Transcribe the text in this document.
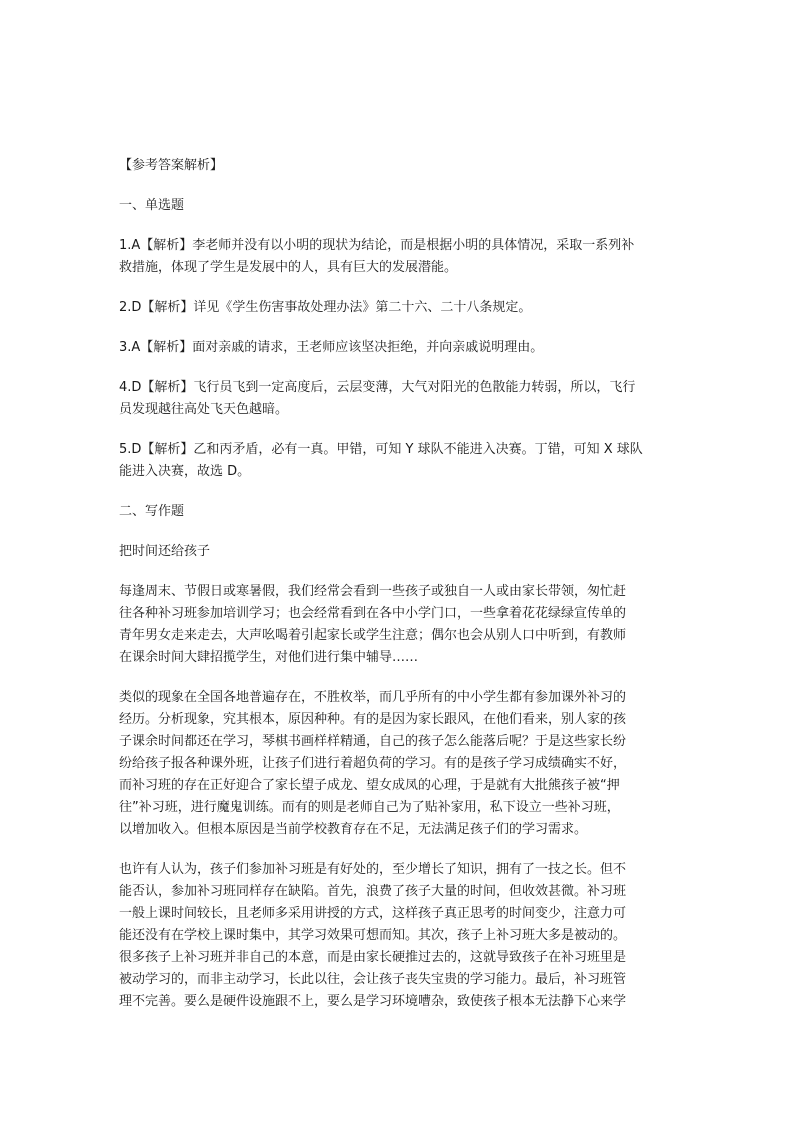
【参考答案解析】

一、单选题

1.A【解析】李老师并没有以小明的现状为结论，而是根据小明的具体情况，采取一系列补
救措施，体现了学生是发展中的人，具有巨大的发展潜能。
2.D【解析】详见《学生伤害事故处理办法》第二十六、二十八条规定。
3.A【解析】面对亲戚的请求，王老师应该坚决拒绝，并向亲戚说明理由。
4.D【解析】飞行员飞到一定高度后，云层变薄，大气对阳光的色散能力转弱，所以，飞行
员发现越往高处飞天色越暗。
5.D【解析】乙和丙矛盾，必有一真。甲错，可知 Y 球队不能进入决赛。丁错，可知 X 球队
能进入决赛，故选 D。

二、写作题

把时间还给孩子

每逢周末、节假日或寒暑假，我们经常会看到一些孩子或独自一人或由家长带领，匆忙赶
往各种补习班参加培训学习；也会经常看到在各中小学门口，一些拿着花花绿绿宣传单的
青年男女走来走去，大声吆喝着引起家长或学生注意；偶尔也会从别人口中听到，有教师
在课余时间大肆招揽学生，对他们进行集中辅导……
类似的现象在全国各地普遍存在，不胜枚举，而几乎所有的中小学生都有参加课外补习的
经历。分析现象，究其根本，原因种种。有的是因为家长跟风，在他们看来，别人家的孩
子课余时间都还在学习，琴棋书画样样精通，自己的孩子怎么能落后呢？于是这些家长纷
纷给孩子报各种课外班，让孩子们进行着超负荷的学习。有的是孩子学习成绩确实不好，
而补习班的存在正好迎合了家长望子成龙、望女成凤的心理，于是就有大批熊孩子被“押
往”补习班，进行魔鬼训练。而有的则是老师自己为了贴补家用，私下设立一些补习班，
以增加收入。但根本原因是当前学校教育存在不足，无法满足孩子们的学习需求。
也许有人认为，孩子们参加补习班是有好处的，至少增长了知识，拥有了一技之长。但不
能否认，参加补习班同样存在缺陷。首先，浪费了孩子大量的时间，但收效甚微。补习班
一般上课时间较长，且老师多采用讲授的方式，这样孩子真正思考的时间变少，注意力可
能还没有在学校上课时集中，其学习效果可想而知。其次，孩子上补习班大多是被动的。
很多孩子上补习班并非自己的本意，而是由家长硬推过去的，这就导致孩子在补习班里是
被动学习的，而非主动学习，长此以往，会让孩子丧失宝贵的学习能力。最后，补习班管
理不完善。要么是硬件设施跟不上，要么是学习环境嘈杂，致使孩子根本无法静下心来学
